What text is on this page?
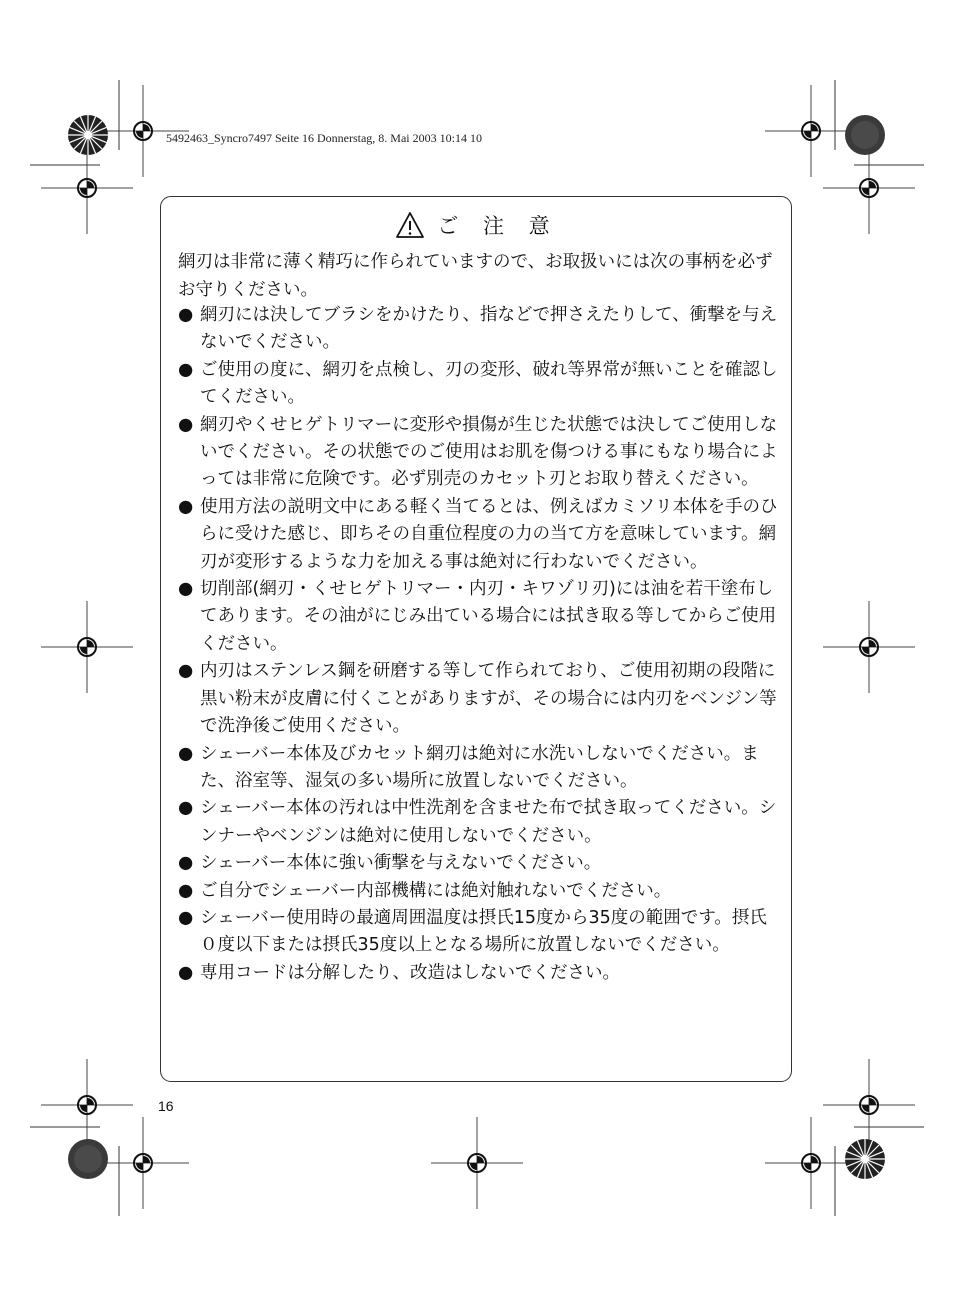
5492463_Syncro7497 Seite 16 Donnerstag, 8. Mai 2003 10:14 10
ご 注 意

網刃は非常に薄く精巧に作られていますので、お取扱いには次の事柄を必ずお守りください。

● 網刃には決してブラシをかけたり、指などで押さえたりして、衝撃を与えないでください。
● ご使用の度に、網刃を点検し、刃の変形、破れ等界常が無いことを確認してください。
● 網刃やくせヒゲトリマーに変形や損傷が生じた状態では決してご使用しないでください。その状態でのご使用はお肌を傷つける事にもなり場合によっては非常に危険です。必ず別売のカセット刃とお取り替えください。
● 使用方法の説明文中にある軽く当てるとは、例えばカミソリ本体を手のひらに受けた感じ、即ちその自重位程度の力の当て方を意味しています。網刃が変形するような力を加える事は絶対に行わないでください。
● 切削部(網刃・くせヒゲトリマー・内刃・キワゾリ刃)には油を若干塗布してあります。その油がにじみ出ている場合には拭き取る等してからご使用ください。
● 内刃はステンレス鋼を研磨する等して作られており、ご使用初期の段階に黒い粉末が皮膚に付くことがありますが、その場合には内刃をベンジン等で洗浄後ご使用ください。
● シェーバー本体及びカセット網刃は絶対に水洗いしないでください。また、浴室等、湿気の多い場所に放置しないでください。
● シェーバー本体の汚れは中性洗剤を含ませた布で拭き取ってください。シンナーやベンジンは絶対に使用しないでください。
● シェーバー本体に強い衝撃を与えないでください。
● ご自分でシェーバー内部機構には絶対触れないでください。
● シェーバー使用時の最適周囲温度は摂氏15度から35度の範囲です。摂氏０度以下または摂氏35度以上となる場所に放置しないでください。
● 専用コードは分解したり、改造はしないでください。
16
